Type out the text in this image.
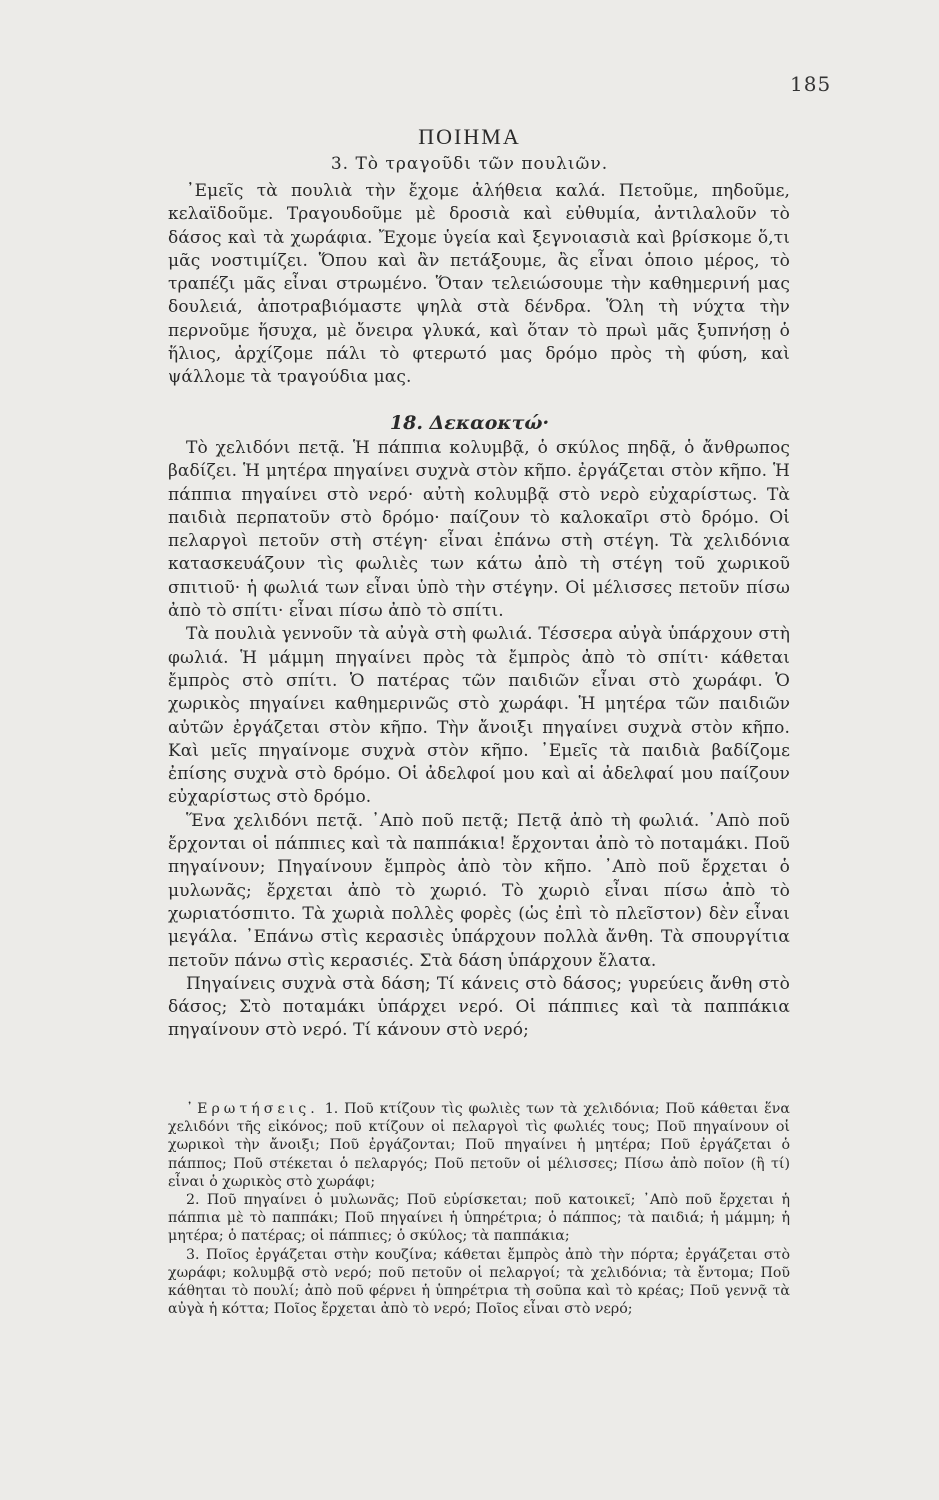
185
ΠΟΙΗΜΑ
3. Τὸ τραγοῦδι τῶν πουλιῶν.

᾿Εμεῖς τὰ πουλιὰ τὴν ἔχομε ἀλήθεια καλά. Πετοῦμε, πηδοῦμε, κελαϊδοῦμε. Τραγουδοῦμε μὲ δροσιὰ καὶ εὐθυμία, ἀντιλαλοῦν τὸ δάσος καὶ τὰ χωράφια. Ἔχομε ὑγεία καὶ ξεγνοιασιὰ καὶ βρίσκομε ὅ,τι μᾶς νοστιμίζει. Ὅπου καὶ ἂν πετάξουμε, ἂς εἶναι ὁποιο μέρος, τὸ τραπέζι μᾶς εἶναι στρωμένο. Ὅταν τελειώσουμε τὴν καθημερινή μας δουλειά, ἀποτραβιόμαστε ψηλὰ στὰ δένδρα. Ὅλη τὴ νύχτα τὴν περνοῦμε ἥσυχα, μὲ ὄνειρα γλυκά, καὶ ὅταν τὸ πρωὶ μᾶς ξυπνήσῃ ὁ ἥλιος, ἀρχίζομε πάλι τὸ φτερωτό μας δρόμο πρὸς τὴ φύση, καὶ ψάλλομε τὰ τραγούδια μας.

18. Δεκαοκτώ·

Τὸ χελιδόνι πετᾷ. Ἡ πάππια κολυμβᾷ, ὁ σκύλος πηδᾷ, ὁ ἄνθρωπος βαδίζει. Ἡ μητέρα πηγαίνει συχνὰ στὸν κῆπο. ἐργάζεται στὸν κῆπο. Ἡ πάππια πηγαίνει στὸ νερό· αὐτὴ κολυμβᾷ στὸ νερὸ εὐχαρίστως. Τὰ παιδιὰ περπατοῦν στὸ δρόμο· παίζουν τὸ καλοκαῖρι στὸ δρόμο. Οἱ πελαργοὶ πετοῦν στὴ στέγη· εἶναι ἐπάνω στὴ στέγη. Τὰ χελιδόνια κατασκευάζουν τὶς φωλιὲς των κάτω ἀπὸ τὴ στέγη τοῦ χωρικοῦ σπιτιοῦ· ἡ φωλιά των εἶναι ὑπὸ τὴν στέγην. Οἱ μέλισσες πετοῦν πίσω ἀπὸ τὸ σπίτι· εἶναι πίσω ἀπὸ τὸ σπίτι.

Τὰ πουλιὰ γεννοῦν τὰ αὐγὰ στὴ φωλιά. Τέσσερα αὐγὰ ὑπάρχουν στὴ φωλιά. Ἡ μάμμη πηγαίνει πρὸς τὰ ἔμπρὸς ἀπὸ τὸ σπίτι· κάθεται ἔμπρὸς στὸ σπίτι. Ὁ πατέρας τῶν παιδιῶν εἶναι στὸ χωράφι. Ὁ χωρικὸς πηγαίνει καθημερινῶς στὸ χωράφι. Ἡ μητέρα τῶν παιδιῶν αὐτῶν ἐργάζεται στὸν κῆπο. Τὴν ἄνοιξι πηγαίνει συχνὰ στὸν κῆπο. Καὶ μεῖς πηγαίνομε συχνὰ στὸν κῆπο. ᾿Εμεῖς τὰ παιδιὰ βαδίζομε ἐπίσης συχνὰ στὸ δρόμο. Οἱ ἀδελφοί μου καὶ αἱ ἀδελφαί μου παίζουν εὐχαρίστως στὸ δρόμο.

Ἕνα χελιδόνι πετᾷ. ᾿Απὸ ποῦ πετᾷ; Πετᾷ ἀπὸ τὴ φωλιά. ᾿Απὸ ποῦ ἔρχονται οἱ πάππιες καὶ τὰ παππάκια! ἔρχονται ἀπὸ τὸ ποταμάκι. Ποῦ πηγαίνουν; Πηγαίνουν ἔμπρὸς ἀπὸ τὸν κῆπο. ᾿Απὸ ποῦ ἔρχεται ὁ μυλωνᾶς; ἔρχεται ἀπὸ τὸ χωριό. Τὸ χωριὸ εἶναι πίσω ἀπὸ τὸ χωριατόσπιτο. Τὰ χωριὰ πολλὲς φορὲς (ὡς ἐπὶ τὸ πλεῖστον) δὲν εἶναι μεγάλα. ᾿Επάνω στὶς κερασιὲς ὑπάρχουν πολλὰ ἄνθη. Τὰ σπουργίτια πετοῦν πάνω στὶς κερασιές. Στὰ δάση ὑπάρχουν ἔλατα.

Πηγαίνεις συχνὰ στὰ δάση; Τί κάνεις στὸ δάσος; γυρεύεις ἄνθη στὸ δάσος; Στὸ ποταμάκι ὑπάρχει νερό. Οἱ πάππιες καὶ τὰ παππάκια πηγαίνουν στὸ νερό. Τί κάνουν στὸ νερό;

᾿Ερωτήσεις. 1. Ποῦ κτίζουν τὶς φωλιὲς των τὰ χελιδόνια; Ποῦ κάθεται ἕνα χελιδόνι τῆς εἰκόνος; ποῦ κτίζουν οἱ πελαργοὶ τὶς φωλιές τους; Ποῦ πηγαίνουν οἱ χωρικοὶ τὴν ἄνοιξι; Ποῦ ἐργάζονται; Ποῦ πηγαίνει ἡ μητέρα; Ποῦ ἐργάζεται ὁ πάππος; Ποῦ στέκεται ὁ πελαργός; Ποῦ πετοῦν οἱ μέλισσες; Πίσω ἀπὸ ποῖον (ἢ τί) εἶναι ὁ χωρικὸς στὸ χωράφι;

2. Ποῦ πηγαίνει ὁ μυλωνᾶς; Ποῦ εὑρίσκεται; ποῦ κατοικεῖ; ᾿Απὸ ποῦ ἔρχεται ἡ πάππια μὲ τὸ παππάκι; Ποῦ πηγαίνει ἡ ὑπηρέτρια; ὁ πάππος; τὰ παιδιά; ἡ μάμμη; ἡ μητέρα; ὁ πατέρας; οἱ πάππιες; ὁ σκύλος; τὰ παππάκια;

3. Ποῖος ἐργάζεται στὴν κουζίνα; κάθεται ἔμπρὸς ἀπὸ τὴν πόρτα; ἐργάζεται στὸ χωράφι; κολυμβᾷ στὸ νερό; ποῦ πετοῦν οἱ πελαργοί; τὰ χελιδόνια; τὰ ἔντομα; Ποῦ κάθηται τὸ πουλί; ἀπὸ ποῦ φέρνει ἡ ὑπηρέτρια τὴ σοῦπα καὶ τὸ κρέας; Ποῦ γεννᾷ τὰ αὐγὰ ἡ κόττα; Ποῖος ἔρχεται ἀπὸ τὸ νερό; Ποῖος εἶναι στὸ νερό;
